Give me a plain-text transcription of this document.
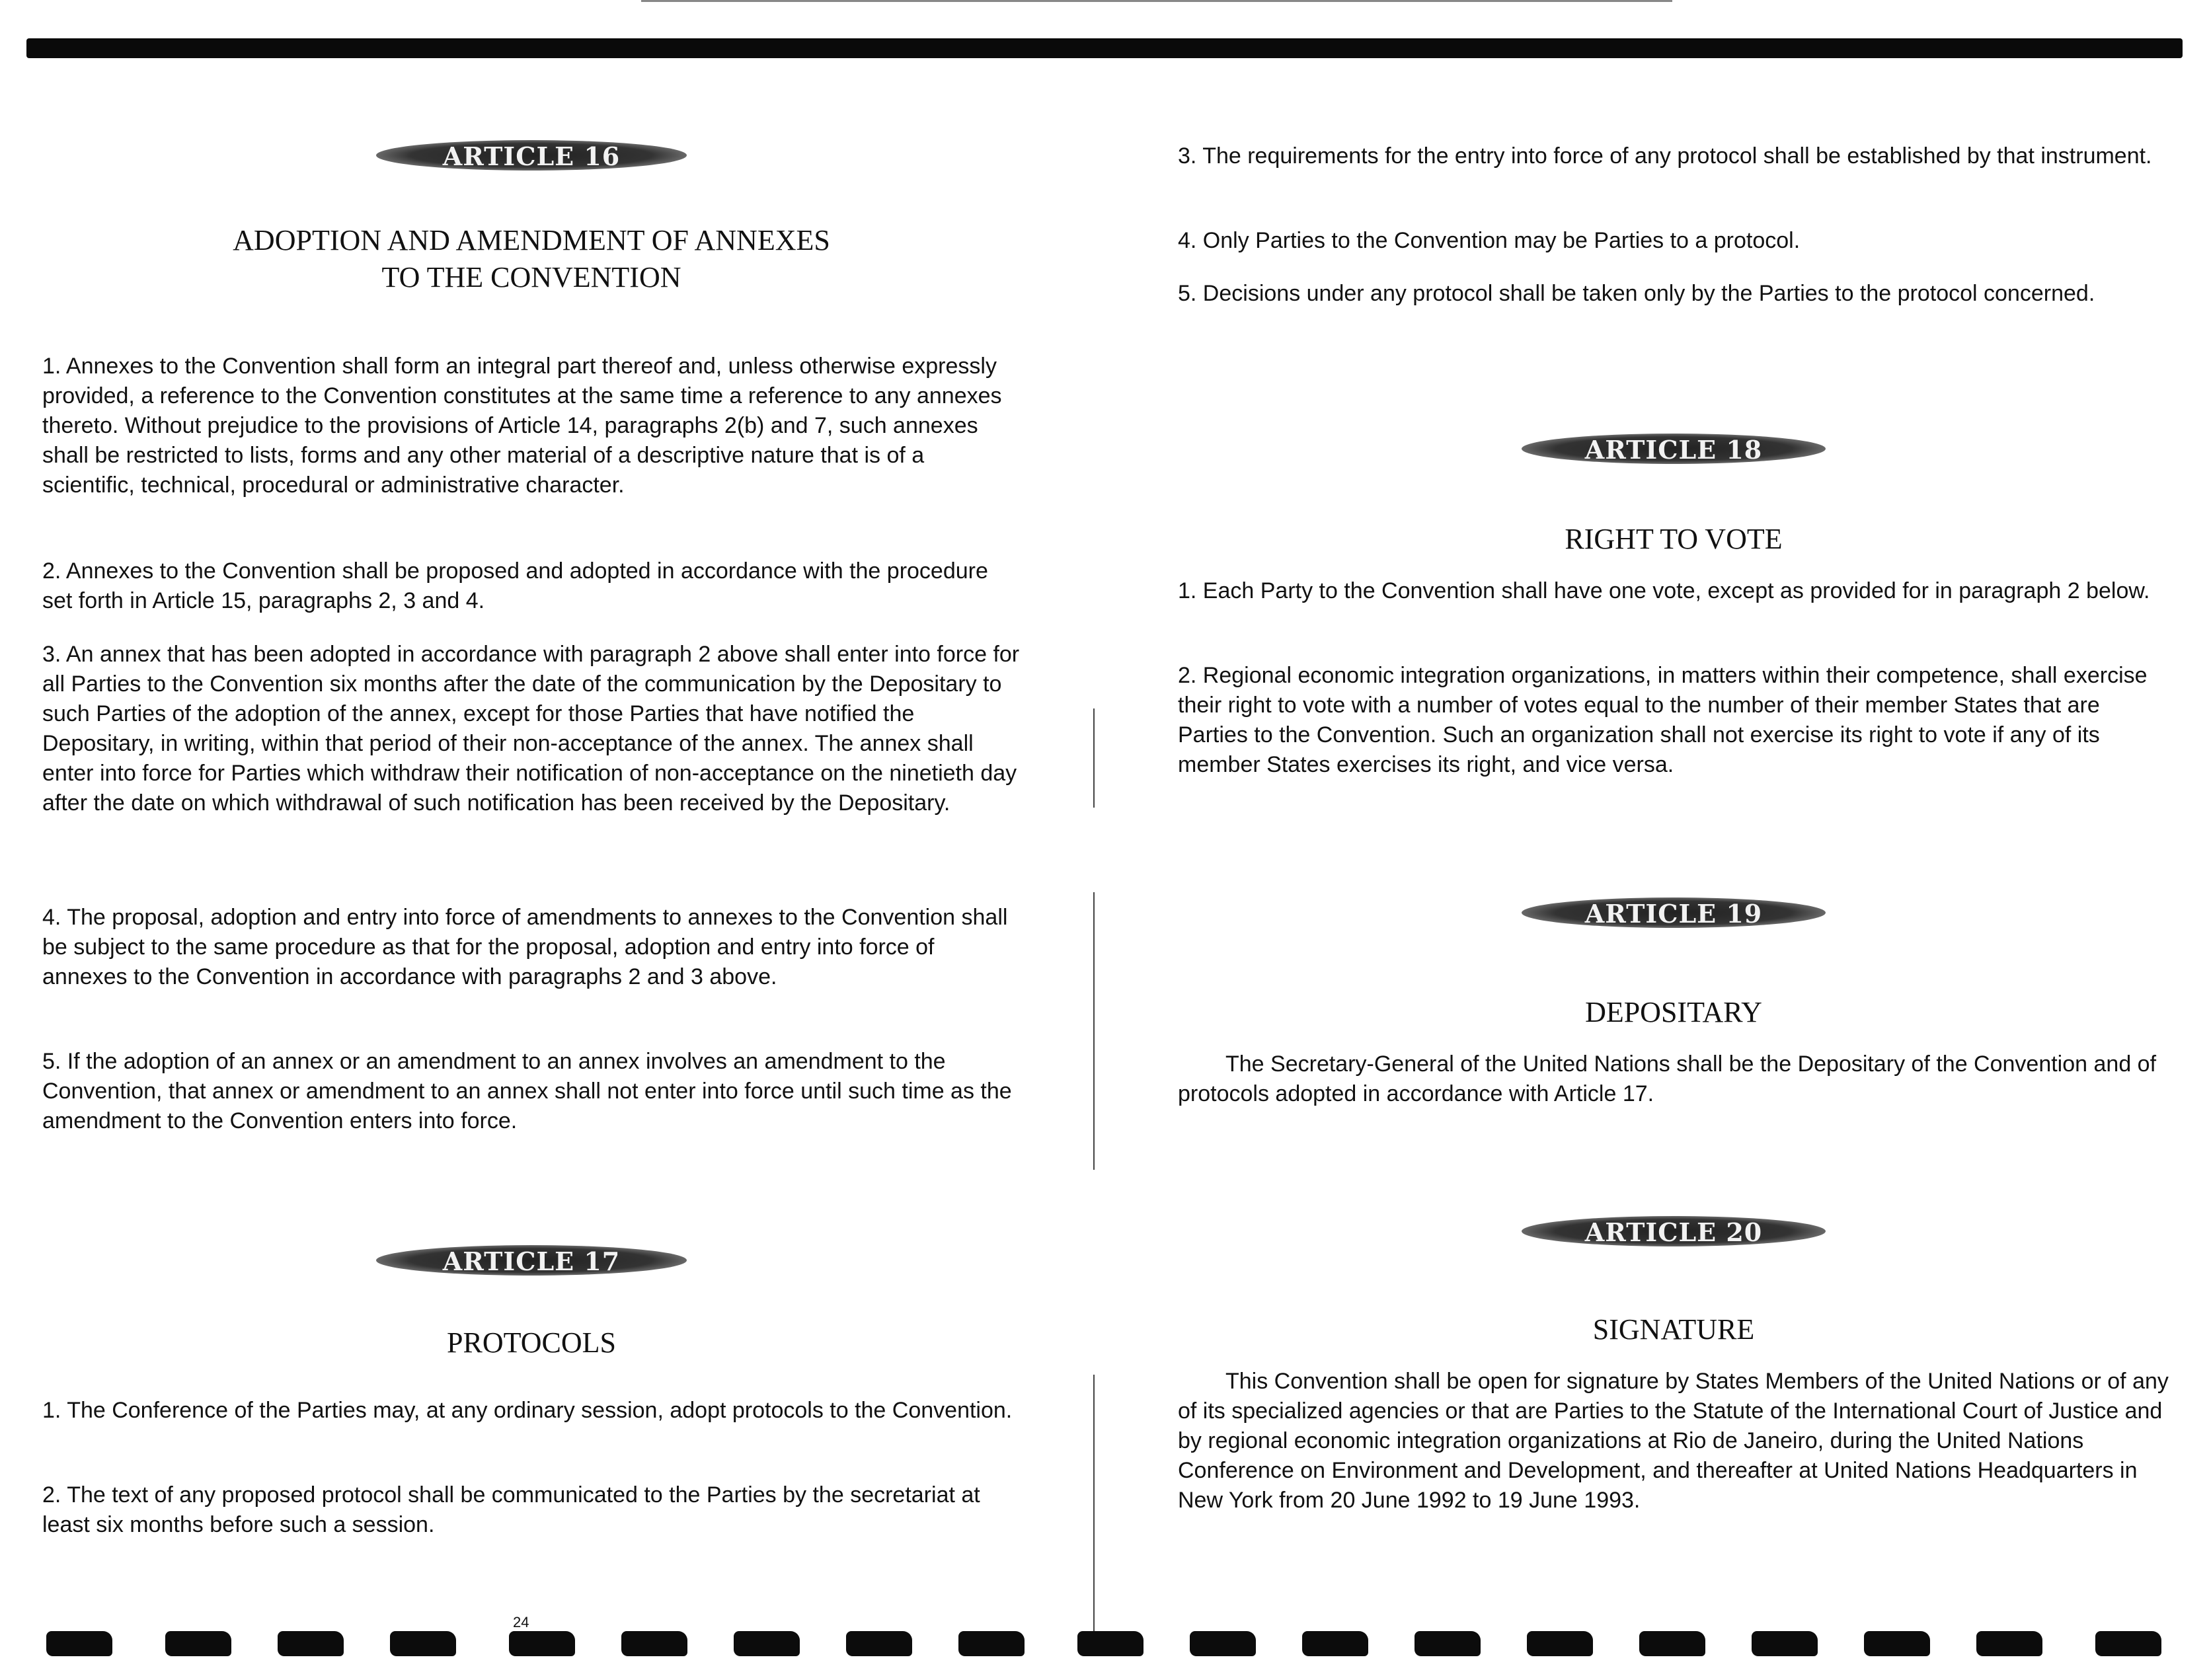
ARTICLE 16

ADOPTION AND AMENDMENT OF ANNEXES

TO THE CONVENTION

1. Annexes to the Convention shall form an integral part thereof and, unless otherwise expressly provided, a reference to the Convention constitutes at the same time a reference to any annexes thereto. Without prejudice to the provisions of Article 14, paragraphs 2(b) and 7, such annexes shall be restricted to lists, forms and any other material of a descriptive nature that is of a scientific, technical, procedural or administrative character.

2. Annexes to the Convention shall be proposed and adopted in accordance with the procedure set forth in Article 15, paragraphs 2, 3 and 4.

3. An annex that has been adopted in accordance with paragraph 2 above shall enter into force for all Parties to the Convention six months after the date of the communication by the Depositary to such Parties of the adoption of the annex, except for those Parties that have notified the Depositary, in writing, within that period of their non-acceptance of the annex. The annex shall enter into force for Parties which withdraw their notification of non-acceptance on the ninetieth day after the date on which withdrawal of such notification has been received by the Depositary.

4. The proposal, adoption and entry into force of amendments to annexes to the Convention shall be subject to the same procedure as that for the proposal, adoption and entry into force of annexes to the Convention in accordance with paragraphs 2 and 3 above.

5. If the adoption of an annex or an amendment to an annex involves an amendment to the Convention, that annex or amendment to an annex shall not enter into force until such time as the amendment to the Convention enters into force.

ARTICLE 17

PROTOCOLS

1. The Conference of the Parties may, at any ordinary session, adopt protocols to the Convention.

2. The text of any proposed protocol shall be communicated to the Parties by the secretariat at least six months before such a session.

24

3. The requirements for the entry into force of any protocol shall be established by that instrument.

4. Only Parties to the Convention may be Parties to a protocol.

5. Decisions under any protocol shall be taken only by the Parties to the protocol concerned.

ARTICLE 18

RIGHT TO VOTE

1. Each Party to the Convention shall have one vote, except as provided for in paragraph 2 below.

2. Regional economic integration organizations, in matters within their competence, shall exercise their right to vote with a number of votes equal to the number of their member States that are Parties to the Convention. Such an organization shall not exercise its right to vote if any of its member States exercises its right, and vice versa.

ARTICLE 19

DEPOSITARY

The Secretary-General of the United Nations shall be the Depositary of the Convention and of protocols adopted in accordance with Article 17.

ARTICLE 20

SIGNATURE

This Convention shall be open for signature by States Members of the United Nations or of any of its specialized agencies or that are Parties to the Statute of the International Court of Justice and by regional economic integration organizations at Rio de Janeiro, during the United Nations Conference on Environment and Development, and thereafter at United Nations Headquarters in New York from 20 June 1992 to 19 June 1993.
